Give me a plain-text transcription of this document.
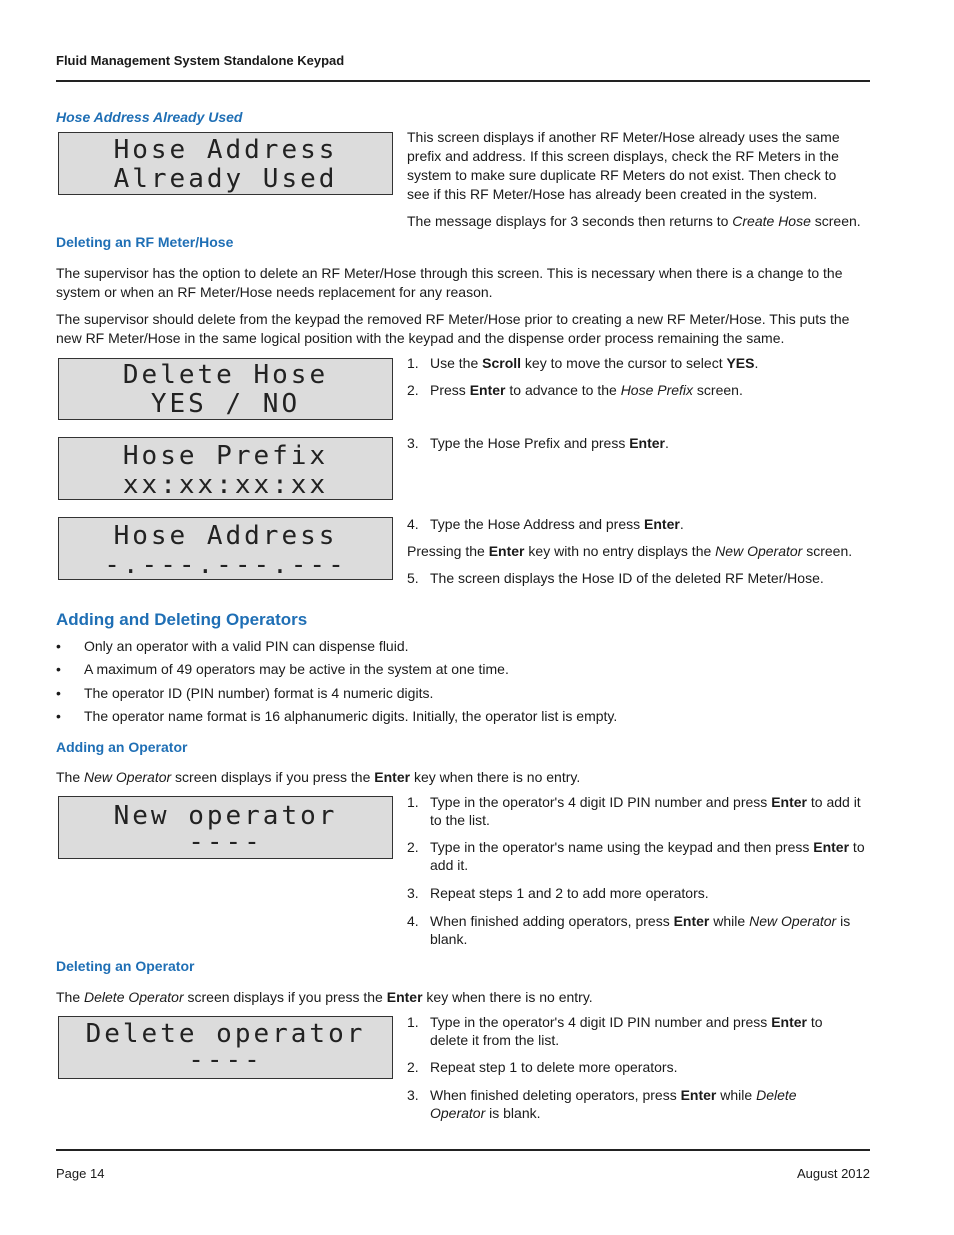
Fluid Management System Standalone Keypad
Hose Address Already Used
Hose Address
Already Used
This screen displays if another RF Meter/Hose already uses the same prefix and address. If this screen displays, check the RF Meters in the system to make sure duplicate RF Meters do not exist. Then check to see if this RF Meter/Hose has already been created in the system.
The message displays for 3 seconds then returns to Create Hose screen.
Deleting an RF Meter/Hose
The supervisor has the option to delete an RF Meter/Hose through this screen. This is necessary when there is a change to the system or when an RF Meter/Hose needs replacement for any reason.
The supervisor should delete from the keypad the removed RF Meter/Hose prior to creating a new RF Meter/Hose. This puts the new RF Meter/Hose in the same logical position with the keypad and the dispense order process remaining the same.
Delete Hose
YES / NO
Hose Prefix
xx:xx:xx:xx
Hose Address
-.---.---.---
1. Use the Scroll key to move the cursor to select YES.
2. Press Enter to advance to the Hose Prefix screen.
3. Type the Hose Prefix and press Enter.
4. Type the Hose Address and press Enter.
Pressing the Enter key with no entry displays the New Operator screen.
5. The screen displays the Hose ID of the deleted RF Meter/Hose.
Adding and Deleting Operators
• Only an operator with a valid PIN can dispense fluid.
• A maximum of 49 operators may be active in the system at one time.
• The operator ID (PIN number) format is 4 numeric digits.
• The operator name format is 16 alphanumeric digits. Initially, the operator list is empty.
Adding an Operator
The New Operator screen displays if you press the Enter key when there is no entry.
New operator
----
1. Type in the operator's 4 digit ID PIN number and press Enter to add it to the list.
2. Type in the operator's name using the keypad and then press Enter to add it.
3. Repeat steps 1 and 2 to add more operators.
4. When finished adding operators, press Enter while New Operator is blank.
Deleting an Operator
The Delete Operator screen displays if you press the Enter key when there is no entry.
Delete operator
----
1. Type in the operator's 4 digit ID PIN number and press Enter to delete it from the list.
2. Repeat step 1 to delete more operators.
3. When finished deleting operators, press Enter while Delete Operator is blank.
Page 14	August 2012
